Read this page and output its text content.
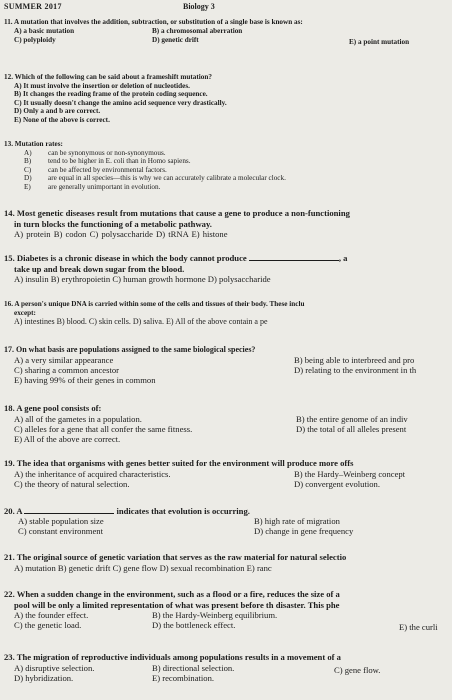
SUMMER 2017	Biology 3
11. A mutation that involves the addition, subtraction, or substitution of a single base is known as:
A) a basic mutation	B) a chromosomal aberration
C) polyploidy	D) genetic drift	E) a point mutation
12. Which of the following can be said about a frameshift mutation?
A) It must involve the insertion or deletion of nucleotides.
B) It changes the reading frame of the protein coding sequence.
C) It usually doesn't change the amino acid sequence very drastically.
D) Only a and b are correct.
E) None of the above is correct.
13. Mutation rates:
A) can be synonymous or non-synonymous.
B) tend to be higher in E. coli than in Homo sapiens.
C) can be affected by environmental factors.
D) are equal in all species—this is why we can accurately calibrate a molecular clock.
E) are generally unimportant in evolution.
14. Most genetic diseases result from mutations that cause a gene to produce a non-functioning
in turn blocks the functioning of a metabolic pathway.
A) protein B) codon C) polysaccharide D) tRNA E) histone
15. Diabetes is a chronic disease in which the body cannot produce	, a
take up and break down sugar from the blood.
A) insulin B) erythropoietin C) human growth hormone D) polysaccharide
16. A person's unique DNA is carried within some of the cells and tissues of their body. These inclu
except:
A) intestines B) blood. C) skin cells. D) saliva. E) All of the above contain a pe
17. On what basis are populations assigned to the same biological species?
A) a very similar appearance	B) being able to interbreed and pro
C) sharing a common ancestor	D) relating to the environment in th
E) having 99% of their genes in common
18. A gene pool consists of:
A) all of the gametes in a population.	B) the entire genome of an indiv
C) alleles for a gene that all confer the same fitness.	D) the total of all alleles present
E) All of the above are correct.
19. The idea that organisms with genes better suited for the environment will produce more offs
A) the inheritance of acquired characteristics.	B) the Hardy–Weinberg concept
C) the theory of natural selection.	D) convergent evolution.
20. A	indicates that evolution is occurring.
A) stable population size	B) high rate of migration
C) constant environment	D) change in gene frequency
21. The original source of genetic variation that serves as the raw material for natural selectio
A) mutation B) genetic drift C) gene flow D) sexual recombination E) ranc
22. When a sudden change in the environment, such as a flood or a fire, reduces the size of a
pool will be only a limited representation of what was present before th disaster. This phe
A) the founder effect.	B) the Hardy-Weinberg equilibrium.
C) the genetic load.	D) the bottleneck effect.	E) the curli
23. The migration of reproductive individuals among populations results in a movement of a
A) disruptive selection.	B) directional selection.	C) gene flow.
D) hybridization.	E) recombination.
